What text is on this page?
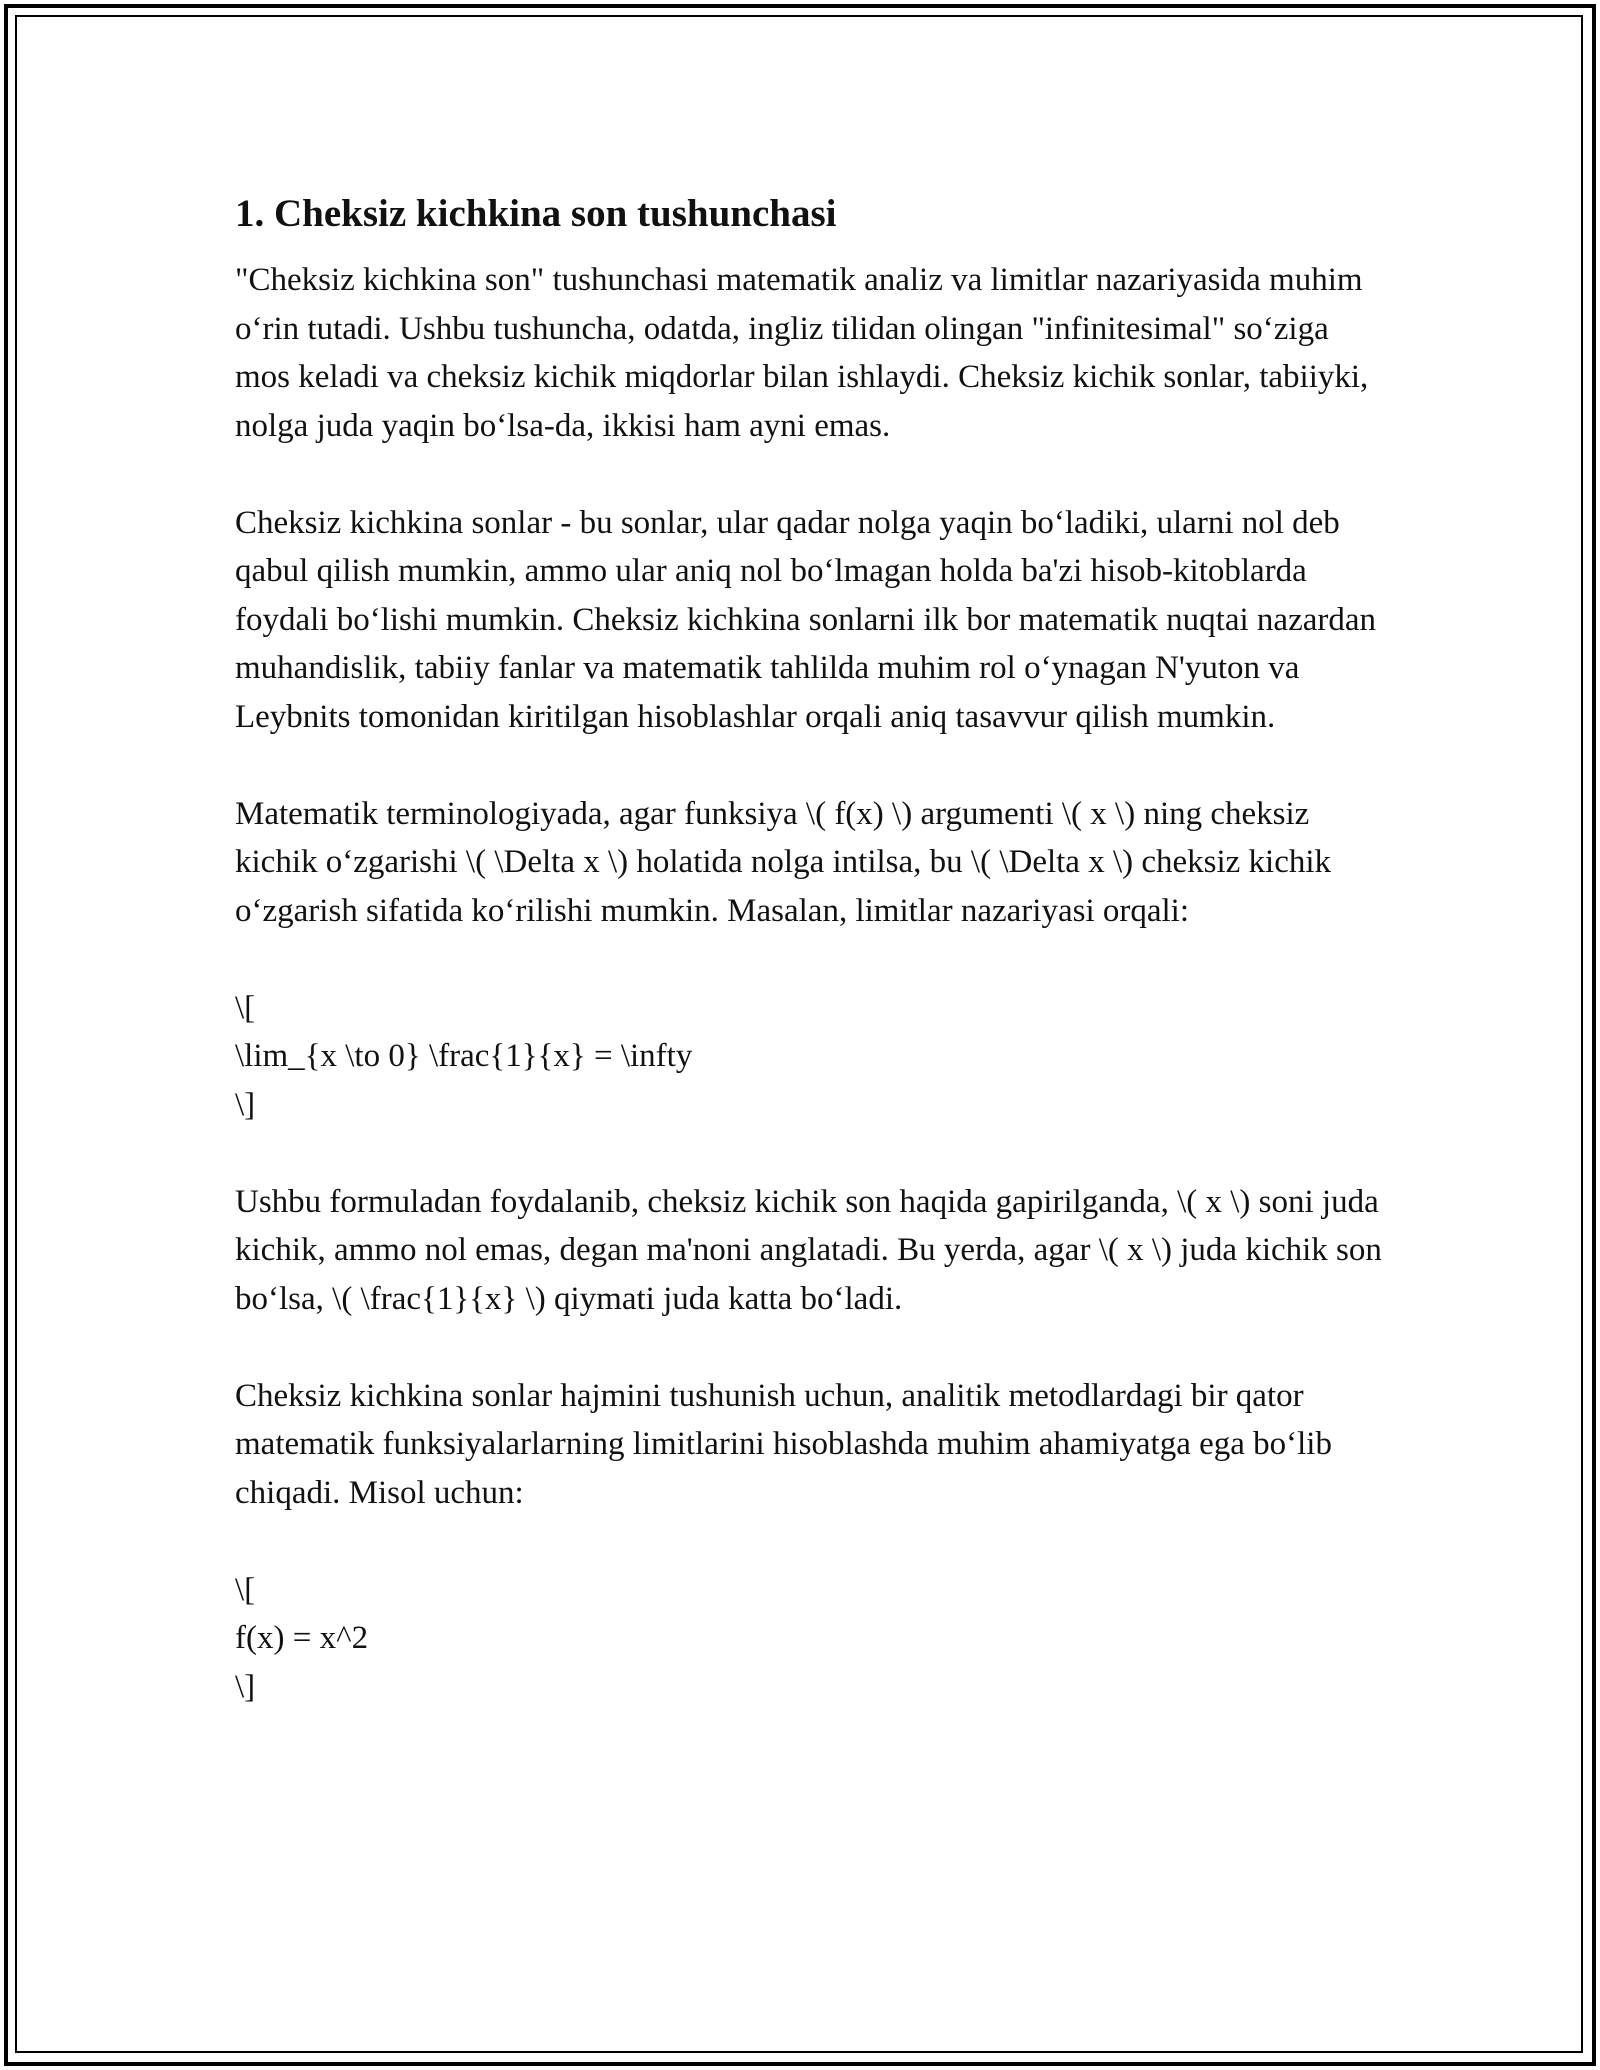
1. Cheksiz kichkina son tushunchasi

"Cheksiz kichkina son" tushunchasi matematik analiz va limitlar nazariyasida muhim o‘rin tutadi. Ushbu tushuncha, odatda, ingliz tilidan olingan "infinitesimal" so‘ziga mos keladi va cheksiz kichik miqdorlar bilan ishlaydi. Cheksiz kichik sonlar, tabiiyki, nolga juda yaqin bo‘lsa-da, ikkisi ham ayni emas.

Cheksiz kichkina sonlar - bu sonlar, ular qadar nolga yaqin bo‘ladiki, ularni nol deb qabul qilish mumkin, ammo ular aniq nol bo‘lmagan holda ba'zi hisob-kitoblarda foydali bo‘lishi mumkin. Cheksiz kichkina sonlarni ilk bor matematik nuqtai nazardan muhandislik, tabiiy fanlar va matematik tahlilda muhim rol o‘ynagan N'yuton va Leybnits tomonidan kiritilgan hisoblashlar orqali aniq tasavvur qilish mumkin.

Matematik terminologiyada, agar funksiya \( f(x) \) argumenti \( x \) ning cheksiz kichik o‘zgarishi \( \Delta x \) holatida nolga intilsa, bu \( \Delta x \) cheksiz kichik o‘zgarish sifatida ko‘rilishi mumkin. Masalan, limitlar nazariyasi orqali:

\[
\lim_{x \to 0} \frac{1}{x} = \infty
\]

Ushbu formuladan foydalanib, cheksiz kichik son haqida gapirilganda, \( x \) soni juda kichik, ammo nol emas, degan ma'noni anglatadi. Bu yerda, agar \( x \) juda kichik son bo‘lsa, \( \frac{1}{x} \) qiymati juda katta bo‘ladi.

Cheksiz kichkina sonlar hajmini tushunish uchun, analitik metodlardagi bir qator matematik funksiyalarlarning limitlarini hisoblashda muhim ahamiyatga ega bo‘lib chiqadi. Misol uchun:

\[
f(x) = x^2
\]
